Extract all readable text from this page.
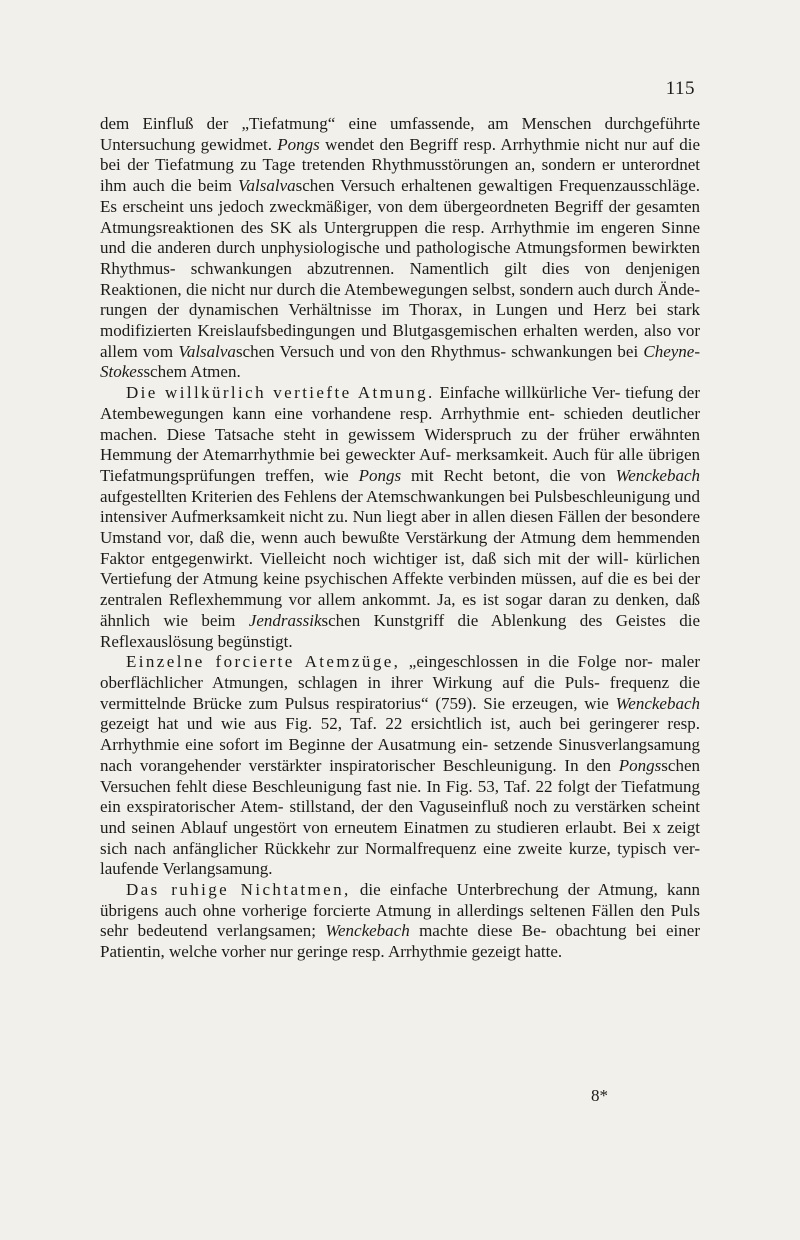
115

dem Einfluß der „Tiefatmung“ eine umfassende, am Menschen durchgeführte Untersuchung gewidmet. Pongs wendet den Begriff resp. Arrhythmie nicht nur auf die bei der Tiefatmung zu Tage tretenden Rhythmusstörungen an, sondern er unterordnet ihm auch die beim Valsalvaschen Versuch erhaltenen gewaltigen Frequenzausschläge. Es erscheint uns jedoch zweckmäßiger, von dem übergeordneten Begriff der gesamten Atmungsreaktionen des SK als Untergruppen die resp. Arrhythmie im engeren Sinne und die anderen durch unphysiologische und pathologische Atmungsformen bewirkten Rhythmus- schwankungen abzutrennen. Namentlich gilt dies von denjenigen Reaktionen, die nicht nur durch die Atembewegungen selbst, sondern auch durch Ände- rungen der dynamischen Verhältnisse im Thorax, in Lungen und Herz bei stark modifizierten Kreislaufsbedingungen und Blutgasgemischen erhalten werden, also vor allem vom Valsalvaschen Versuch und von den Rhythmus- schwankungen bei Cheyne-Stokesschem Atmen.

Die willkürlich vertiefte Atmung. Einfache willkürliche Ver- tiefung der Atembewegungen kann eine vorhandene resp. Arrhythmie ent- schieden deutlicher machen. Diese Tatsache steht in gewissem Widerspruch zu der früher erwähnten Hemmung der Atemarrhythmie bei geweckter Auf- merksamkeit. Auch für alle übrigen Tiefatmungsprüfungen treffen, wie Pongs mit Recht betont, die von Wenckebach aufgestellten Kriterien des Fehlens der Atemschwankungen bei Pulsbeschleunigung und intensiver Aufmerksamkeit nicht zu. Nun liegt aber in allen diesen Fällen der besondere Umstand vor, daß die, wenn auch bewußte Verstärkung der Atmung dem hemmenden Faktor entgegenwirkt. Vielleicht noch wichtiger ist, daß sich mit der will- kürlichen Vertiefung der Atmung keine psychischen Affekte verbinden müssen, auf die es bei der zentralen Reflexhemmung vor allem ankommt. Ja, es ist sogar daran zu denken, daß ähnlich wie beim Jendrassikschen Kunstgriff die Ablenkung des Geistes die Reflexauslösung begünstigt.

Einzelne forcierte Atemzüge, „eingeschlossen in die Folge nor- maler oberflächlicher Atmungen, schlagen in ihrer Wirkung auf die Puls- frequenz die vermittelnde Brücke zum Pulsus respiratorius“ (759). Sie erzeugen, wie Wenckebach gezeigt hat und wie aus Fig. 52, Taf. 22 ersichtlich ist, auch bei geringerer resp. Arrhythmie eine sofort im Beginne der Ausatmung ein- setzende Sinusverlangsamung nach vorangehender verstärkter inspiratorischer Beschleunigung. In den Pongsschen Versuchen fehlt diese Beschleunigung fast nie. In Fig. 53, Taf. 22 folgt der Tiefatmung ein exspiratorischer Atem- stillstand, der den Vaguseinfluß noch zu verstärken scheint und seinen Ablauf ungestört von erneutem Einatmen zu studieren erlaubt. Bei x zeigt sich nach anfänglicher Rückkehr zur Normalfrequenz eine zweite kurze, typisch ver- laufende Verlangsamung.

Das ruhige Nichtatmen, die einfache Unterbrechung der Atmung, kann übrigens auch ohne vorherige forcierte Atmung in allerdings seltenen Fällen den Puls sehr bedeutend verlangsamen; Wenckebach machte diese Be- obachtung bei einer Patientin, welche vorher nur geringe resp. Arrhythmie gezeigt hatte.

8*
